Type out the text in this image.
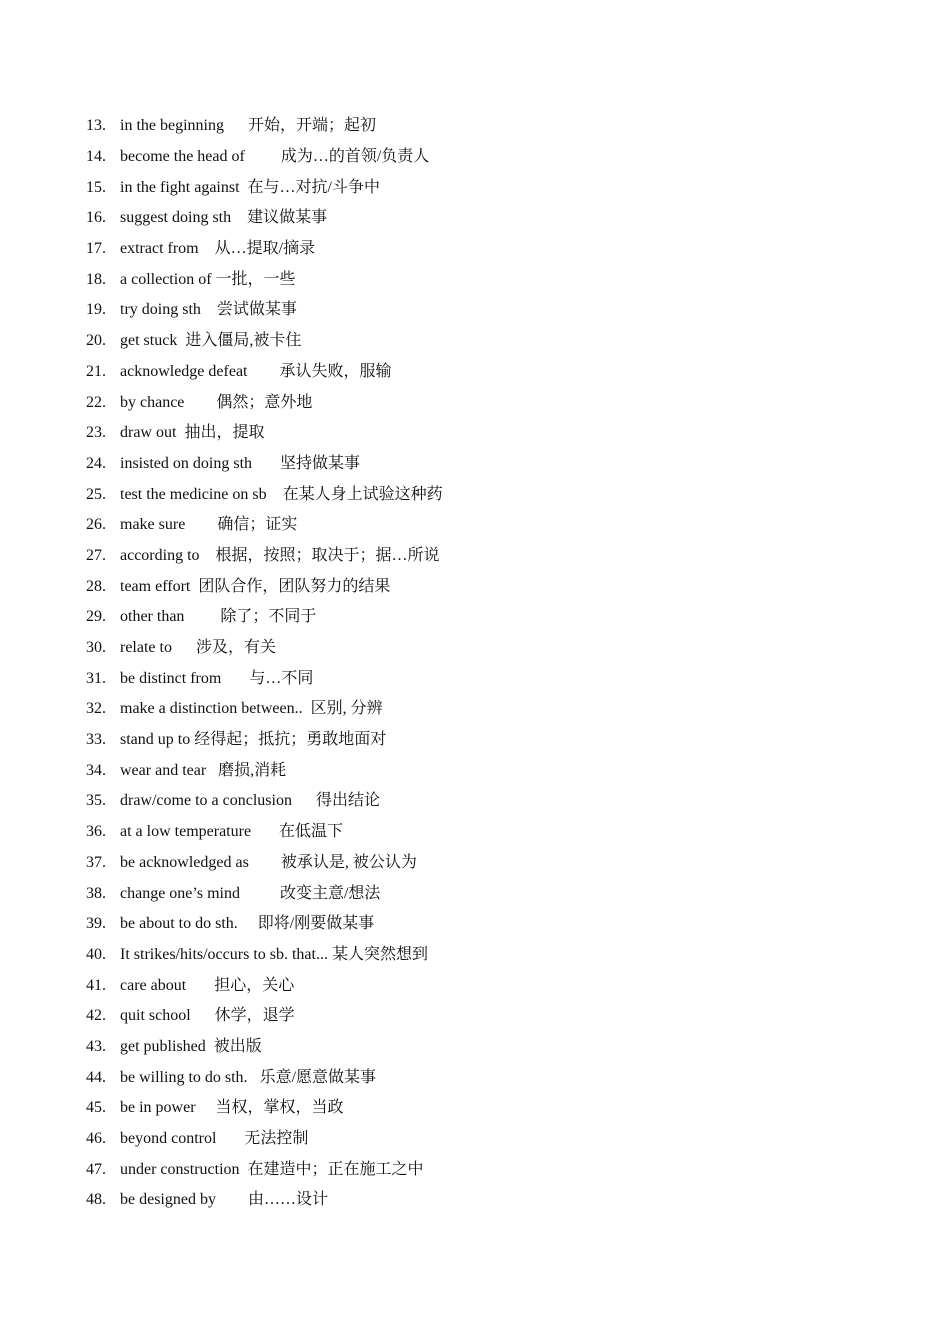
13. in the beginning 开始，开端；起初
14. become the head of 成为…的首领/负责人
15. in the fight against 在与…对抗/斗争中
16. suggest doing sth 建议做某事
17. extract from 从…提取/摘录
18. a collection of 一批，一些
19. try doing sth 尝试做某事
20. get stuck 进入僵局,被卡住
21. acknowledge defeat 承认失败，服输
22. by chance 偶然；意外地
23. draw out 抽出，提取
24. insisted on doing sth 坚持做某事
25. test the medicine on sb 在某人身上试验这种药
26. make sure 确信；证实
27. according to 根据，按照；取决于；据…所说
28. team effort 团队合作，团队努力的结果
29. other than 除了；不同于
30. relate to 涉及，有关
31. be distinct from 与…不同
32. make a distinction between.. 区别, 分辨
33. stand up to 经得起；抵抗；勇敢地面对
34. wear and tear 磨损,消耗
35. draw/come to a conclusion 得出结论
36. at a low temperature 在低温下
37. be acknowledged as 被承认是, 被公认为
38. change one’s mind 改变主意/想法
39. be about to do sth. 即将/刚要做某事
40. It strikes/hits/occurs to sb. that... 某人突然想到
41. care about 担心，关心
42. quit school 休学，退学
43. get published 被出版
44. be willing to do sth. 乐意/愿意做某事
45. be in power 当权，掌权，当政
46. beyond control 无法控制
47. under construction 在建造中；正在施工之中
48. be designed by 由……设计
